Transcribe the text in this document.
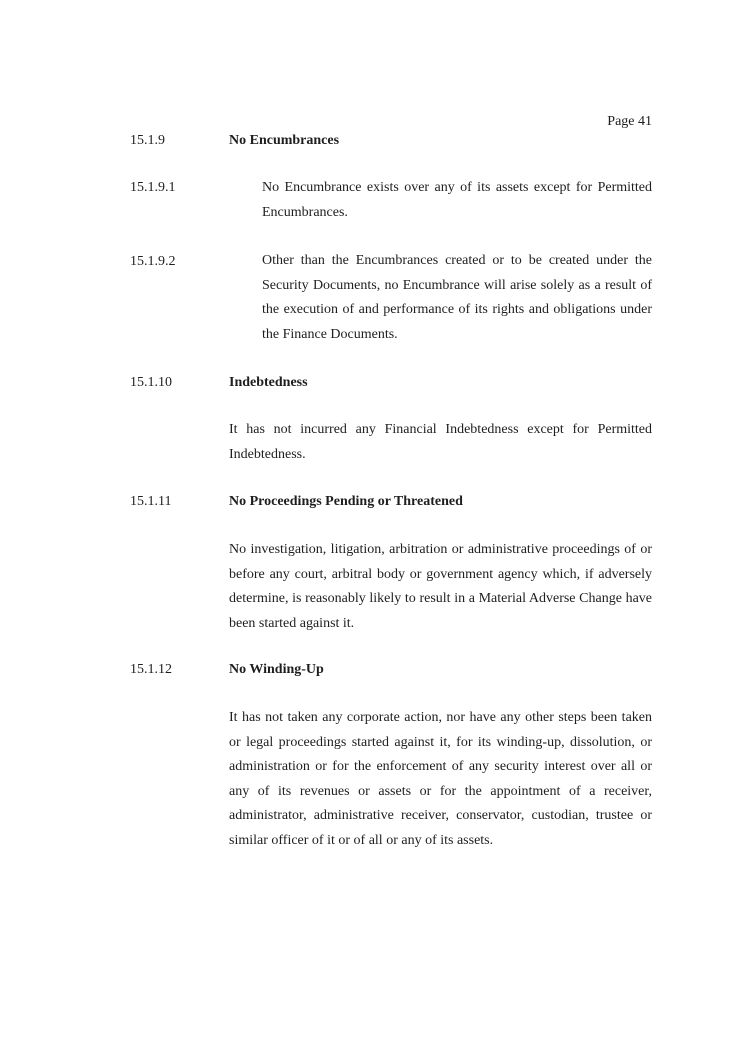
Page 41
15.1.9	No Encumbrances
15.1.9.1	No Encumbrance exists over any of its assets except for Permitted Encumbrances.

15.1.9.2	Other than the Encumbrances created or to be created under the Security Documents, no Encumbrance will arise solely as a result of the execution of and performance of its rights and obligations under the Finance Documents.

15.1.10	Indebtedness

It has not incurred any Financial Indebtedness except for Permitted Indebtedness.

15.1.11	No Proceedings Pending or Threatened

No investigation, litigation, arbitration or administrative proceedings of or before any court, arbitral body or government agency which, if adversely determine, is reasonably likely to result in a Material Adverse Change have been started against it.

15.1.12	No Winding-Up

It has not taken any corporate action, nor have any other steps been taken or legal proceedings started against it, for its winding-up, dissolution, or administration or for the enforcement of any security interest over all or any of its revenues or assets or for the appointment of a receiver, administrator, administrative receiver, conservator, custodian, trustee or similar officer of it or of all or any of its assets.
